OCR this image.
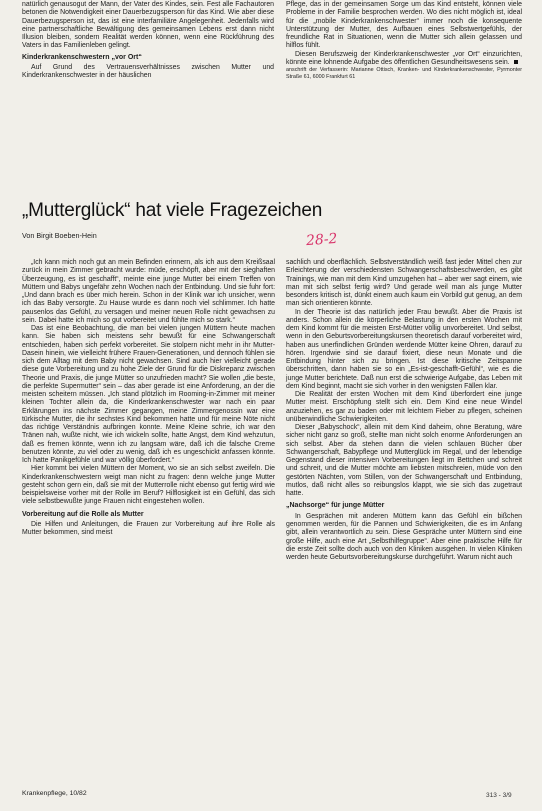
natürlich genausogut der Mann, der Vater des Kindes, sein. Fest alle Fachautoren betonen die Notwendigkeit einer Dauerbezugsperson für das Kind. Wie aber diese Dauerbezugsperson ist, das ist eine interfamiliäre Angelegenheit. Jedenfalls wird eine partnerschaftliche Bewältigung des gemeinsamen Lebens erst dann nicht Illusion bleiben, sondern Realität werden können, wenn eine Rückführung des Vaters in das Familienleben gelingt.

Kinderkrankenschwestern „vor Ort“

Auf Grund des Vertrauensverhältnisses zwischen Mutter und Kinderkrankenschwester in der häuslichen

Pflege, das in der gemeinsamen Sorge um das Kind entsteht, können viele Probleme in der Familie besprochen werden. Wo dies nicht möglich ist, ideal für die „mobile Kinderkrankenschwester“ immer noch die konsequente Unterstützung der Mutter, des Aufbauen eines Selbstwertgefühls, der freundliche Rat in Situationen, wenn die Mutter sich allein gelassen und hilflos fühlt.

Diesen Berufszweig der Kinderkrankenschwester „vor Ort“ einzurichten, könnte eine lohnende Aufgabe des öffentlichen Gesundheitswesens sein.

anschrift der Verfasserin: Marianne Ottisch, Kranken- und Kinderkrankenschwester, Pyrmonter Straße 61, 6000 Frankfurt 61

„Mutterglück“ hat viele Fragezeichen

Von Birgit Boeben-Hein	28-2

„Ich kann mich noch gut an mein Befinden erinnern, als ich aus dem Kreißsaal zurück in mein Zimmer gebracht wurde: müde, erschöpft, aber mit der sieghaften Überzeugung, es ist geschafft“, meinte eine junge Mutter bei einem Treffen von Müttern und Babys ungefähr zehn Wochen nach der Entbindung. Und sie fuhr fort: „Und dann brach es über mich herein. Schon in der Klinik war ich unsicher, wenn ich das Baby versorgte. Zu Hause wurde es dann noch viel schlimmer. Ich hatte pausenlos das Gefühl, zu versagen und meiner neuen Rolle nicht gewachsen zu sein. Dabei hatte ich mich so gut vorbereitet und fühlte mich so stark.“

Das ist eine Beobachtung, die man bei vielen jungen Müttern heute machen kann. Sie haben sich meistens sehr bewußt für eine Schwangerschaft entschieden, haben sich perfekt vorbereitet. Sie stolpern nicht mehr in ihr Mutter-Dasein hinein, wie vielleicht frühere Frauen-Generationen, und dennoch fühlen sie sich dem Alltag mit dem Baby nicht gewachsen. Sind auch hier vielleicht gerade diese gute Vorbereitung und zu hohe Ziele der Grund für die Diskrepanz zwischen Theorie und Praxis, die junge Mütter so unzufrieden macht? Sie wollen „die beste, die perfekte Supermutter“ sein – das aber gerade ist eine Anforderung, an der die meisten scheitern müssen. „Ich stand plötzlich im Rooming-in-Zimmer mit meiner kleinen Tochter allein da, die Kinderkrankenschwester war nach ein paar Erklärungen ins nächste Zimmer gegangen, meine Zimmergenossin war eine türkische Mutter, die ihr sechstes Kind bekommen hatte und für meine Nöte nicht das richtige Verständnis aufbringen konnte. Meine Kleine schrie, ich war den Tränen nah, wußte nicht, wie ich wickeln sollte, hatte Angst, dem Kind wehzutun, daß es fremen könnte, wenn ich zu langsam wäre, daß ich die falsche Creme benutzen könnte, zu viel oder zu wenig, daß ich es ungeschickt anfassen könnte. Ich hatte Panikgefühle und war völlig überfordert.“

Hier kommt bei vielen Müttern der Moment, wo sie an sich selbst zweifeln. Die Kinderkrankenschwestern weigt man nicht zu fragen: denn welche junge Mutter gesteht schon gern ein, daß sie mit der Mutterrolle nicht ebenso gut fertig wird wie beispielsweise vorher mit der Rolle im Beruf? Hilflosigkeit ist ein Gefühl, das sich viele selbstbewußte junge Frauen nicht eingestehen wollen.

Vorbereitung auf die Rolle als Mutter

Die Hilfen und Anleitungen, die Frauen zur Vorbereitung auf ihre Rolle als Mutter bekommen, sind meist

sachlich und oberflächlich. Selbstverständlich weiß fast jeder Mittel chen zur Erleichterung der verschiedensten Schwangerschaftsbeschwerden, es gibt Trainings, wie man mit dem Kind umzugehen hat – aber wer sagt einem, wie man mit sich selbst fertig wird? Und gerade weil man als junge Mutter besonders kritisch ist, dünkt einem auch kaum ein Vorbild gut genug, an dem man sich orientieren könnte.

In der Theorie ist das natürlich jeder Frau bewußt. Aber die Praxis ist anders. Schon allein die körperliche Belastung in den ersten Wochen mit dem Kind kommt für die meisten Erst-Mütter völlig unvorbereitet. Und selbst, wenn in den Geburtsvorbereitungskursen theoretisch darauf vorbereitet wird, haben aus unerfindlichen Gründen werdende Mütter keine Ohren, darauf zu hören. Irgendwie sind sie darauf fixiert, diese neun Monate und die Entbindung hinter sich zu bringen. Ist diese kritische Zeitspanne überschritten, dann haben sie so ein „Es-ist-geschafft-Gefühl“, wie es die junge Mutter berichtete. Daß nun erst die schwierige Aufgabe, das Leben mit dem Kind beginnt, macht sie sich vorher in den wenigsten Fällen klar.

Die Realität der ersten Wochen mit dem Kind überfordert eine junge Mutter meist. Erschöpfung stellt sich ein. Dem Kind eine neue Windel anzuziehen, es gar zu baden oder mit leichtem Fieber zu pflegen, scheinen unüberwindliche Schwierigkeiten.

Dieser „Babyschock“, allein mit dem Kind daheim, ohne Beratung, wäre sicher nicht ganz so groß, stellte man nicht solch enorme Anforderungen an sich selbst. Aber da stehen dann die vielen schlauen Bücher über Schwangerschaft, Babypflege und Mutterglück im Regal, und der lebendige Gegenstand dieser intensiven Vorbereitungen liegt im Bettchen und schreit und schreit, und die Mutter möchte am liebsten mitschreien, müde von den gestörten Nächten, vom Stillen, von der Schwangerschaft und Entbindung, mutlos, daß nicht alles so reibungslos klappt, wie sie sich das zugetraut hatte.

„Nachsorge“ für junge Mütter

In Gesprächen mit anderen Müttern kann das Gefühl ein bißchen genommen werden, für die Pannen und Schwierigkeiten, die es im Anfang gibt, allein verantwortlich zu sein. Diese Gespräche unter Müttern sind eine große Hilfe, auch eine Art „Selbsthilfegruppe“. Aber eine praktische Hilfe für die erste Zeit sollte doch auch von den Kliniken ausgehen. In vielen Kliniken werden heute Geburtsvorbereitungskurse durchgeführt. Warum nicht auch

Krankenpflege, 10/82	313 - 3/9
